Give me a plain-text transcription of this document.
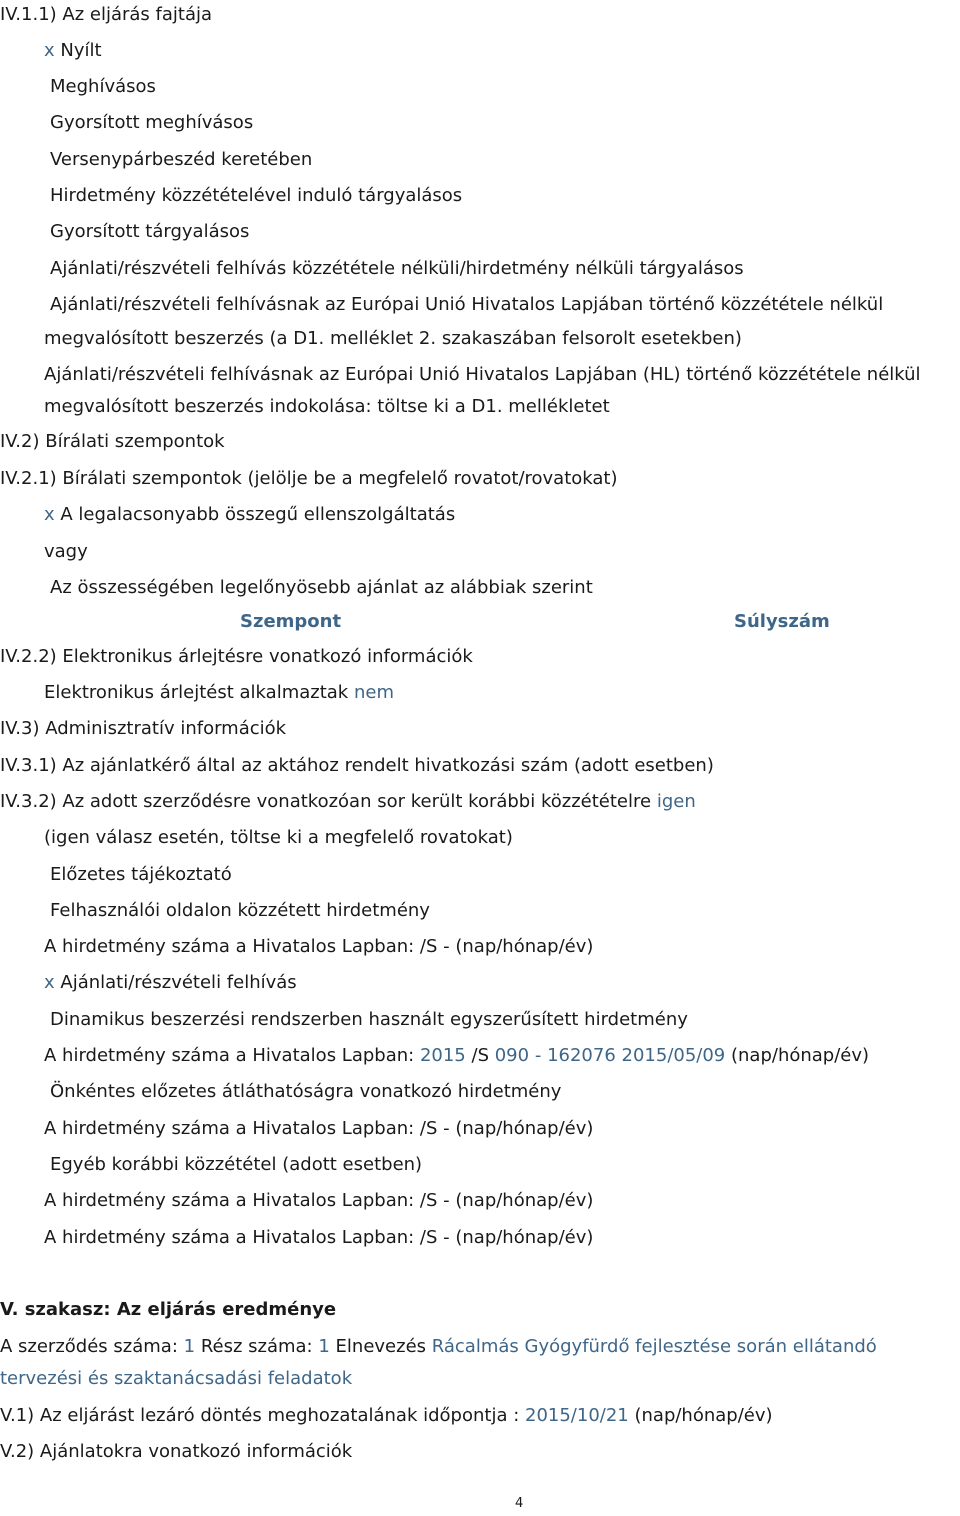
IV.1.1) Az eljárás fajtája
x Nyílt
Meghívásos
Gyorsított meghívásos
Versenypárbeszéd keretében
Hirdetmény közzétételével induló tárgyalásos
Gyorsított tárgyalásos
Ajánlati/részvételi felhívás közzététele nélküli/hirdetmény nélküli tárgyalásos
Ajánlati/részvételi felhívásnak az Európai Unió Hivatalos Lapjában történő közzététele nélkül
megvalósított beszerzés (a D1. melléklet 2. szakaszában felsorolt esetekben)
Ajánlati/részvételi felhívásnak az Európai Unió Hivatalos Lapjában (HL) történő közzététele nélkül
megvalósított beszerzés indokolása: töltse ki a D1. mellékletet
IV.2) Bírálati szempontok
IV.2.1) Bírálati szempontok (jelölje be a megfelelő rovatot/rovatokat)
x A legalacsonyabb összegű ellenszolgáltatás
vagy
Az összességében legelőnyösebb ajánlat az alábbiak szerint
Szempont	Súlyszám
IV.2.2) Elektronikus árlejtésre vonatkozó információk
Elektronikus árlejtést alkalmaztak nem
IV.3) Adminisztratív információk
IV.3.1) Az ajánlatkérő által az aktához rendelt hivatkozási szám (adott esetben)
IV.3.2) Az adott szerződésre vonatkozóan sor került korábbi közzétételre igen
(igen válasz esetén, töltse ki a megfelelő rovatokat)
Előzetes tájékoztató
Felhasználói oldalon közzétett hirdetmény
A hirdetmény száma a Hivatalos Lapban: /S - (nap/hónap/év)
x Ajánlati/részvételi felhívás
Dinamikus beszerzési rendszerben használt egyszerűsített hirdetmény
A hirdetmény száma a Hivatalos Lapban: 2015 /S 090 - 162076 2015/05/09 (nap/hónap/év)
Önkéntes előzetes átláthatóságra vonatkozó hirdetmény
A hirdetmény száma a Hivatalos Lapban: /S - (nap/hónap/év)
Egyéb korábbi közzététel (adott esetben)
A hirdetmény száma a Hivatalos Lapban: /S - (nap/hónap/év)
A hirdetmény száma a Hivatalos Lapban: /S - (nap/hónap/év)
V. szakasz: Az eljárás eredménye
A szerződés száma: 1 Rész száma: 1 Elnevezés Rácalmás Gyógyfürdő fejlesztése során ellátandó
tervezési és szaktanácsadási feladatok
V.1) Az eljárást lezáró döntés meghozatalának időpontja : 2015/10/21 (nap/hónap/év)
V.2) Ajánlatokra vonatkozó információk
4
